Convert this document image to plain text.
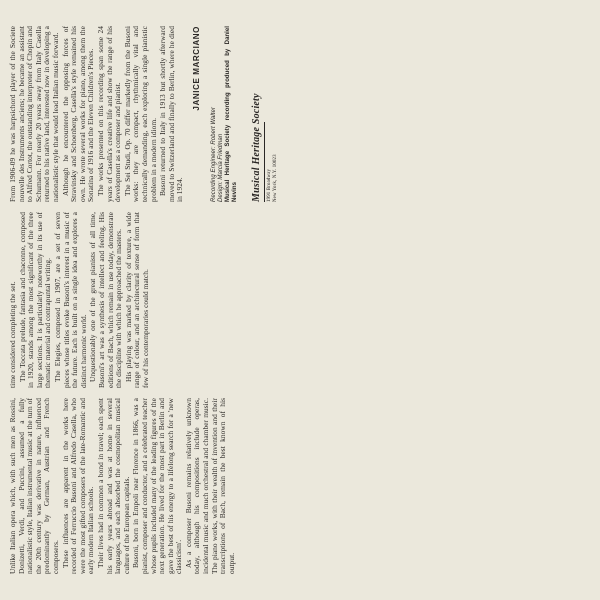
Unlike Italian opera which, with such men as Rossini, Donizetti, Verdi, and Puccini, assumed a fully nationalistic style, Italian instrumental music at the turn of the 20th century was derivative in nature, influenced predominantly by German, Austrian and French composers. These influences are apparent in the works here recorded of Ferruccio Busoni and Alfredo Casella, who were the most gifted composers of the late-Romantic and early modern Italian schools. Their lives had in common a bond in travel; each spent his early years abroad and was at home in several languages, and each absorbed the cosmopolitan musical culture of the European capitals. Busoni, born in Empoli near Florence in 1866, was a pianist, composer and conductor, and a celebrated teacher whose pupils included many of the leading figures of the next generation. He lived for the most part in Berlin and gave the best of his energy to a lifelong search for a 'new classicism'. As a composer Busoni remains relatively unknown today, although his compositions include operas, incidental music and much orchestral and chamber music. The piano works, with their wealth of invention and their transcriptions of Bach, remain the best known of his output.

time considered completing the set. The Toccata prelude, fantasia and chaconne, composed in 1920, stands among the most significant of the three large sections. It is particularly noteworthy in its use of thematic material and contrapuntal writing. The Elegies, composed in 1907, are a set of seven pieces whose titles evoke Busoni's interest in a music of the future. Each is built on a single idea and explores a distinct harmonic world. Unquestionably one of the great pianists of all time, Busoni's art was a synthesis of intellect and feeling. His editions of Bach, which remain in use today, demonstrate the discipline with which he approached the masters. His playing was marked by clarity of texture, a wide range of colour, and an architectural sense of form that few of his contemporaries could match.

From 1906-09 he was harpsichord player of the Societe nouvelle des Instruments anciens; he became an assistant to Alfred Cortot, the outstanding interpreter of Chopin and Schumann. For nearly 20 years away from Italy Casella returned to his native land, interested now in developing a nationalistic style that would lead Italian music forward. Although he encountered the opposing forces of Stravinsky and Schoenberg, Casella's style remained his own. He wrote several works for piano, among them the Sonatina of 1916 and the Eleven Children's Pieces. The works presented on this recording span some 24 years of Casella's creative life and show the range of his development as a composer and pianist. The Sei Studi, Op. 70 differ markedly from the Busoni works: they are compact, rhythmically vital and technically demanding, each exploring a single pianistic problem in a modern idiom. Busoni returned to Italy in 1913 but shortly afterward moved to Switzerland and finally to Berlin, where he died in 1924.

JANICE MARCIANO
Recording Engineer: Robert Walter Design: Marcia Friedman Musical Heritage Society recording produced by Daniel Nevins Musical Heritage Society 1991 Broadway New York, N.Y. 10023
